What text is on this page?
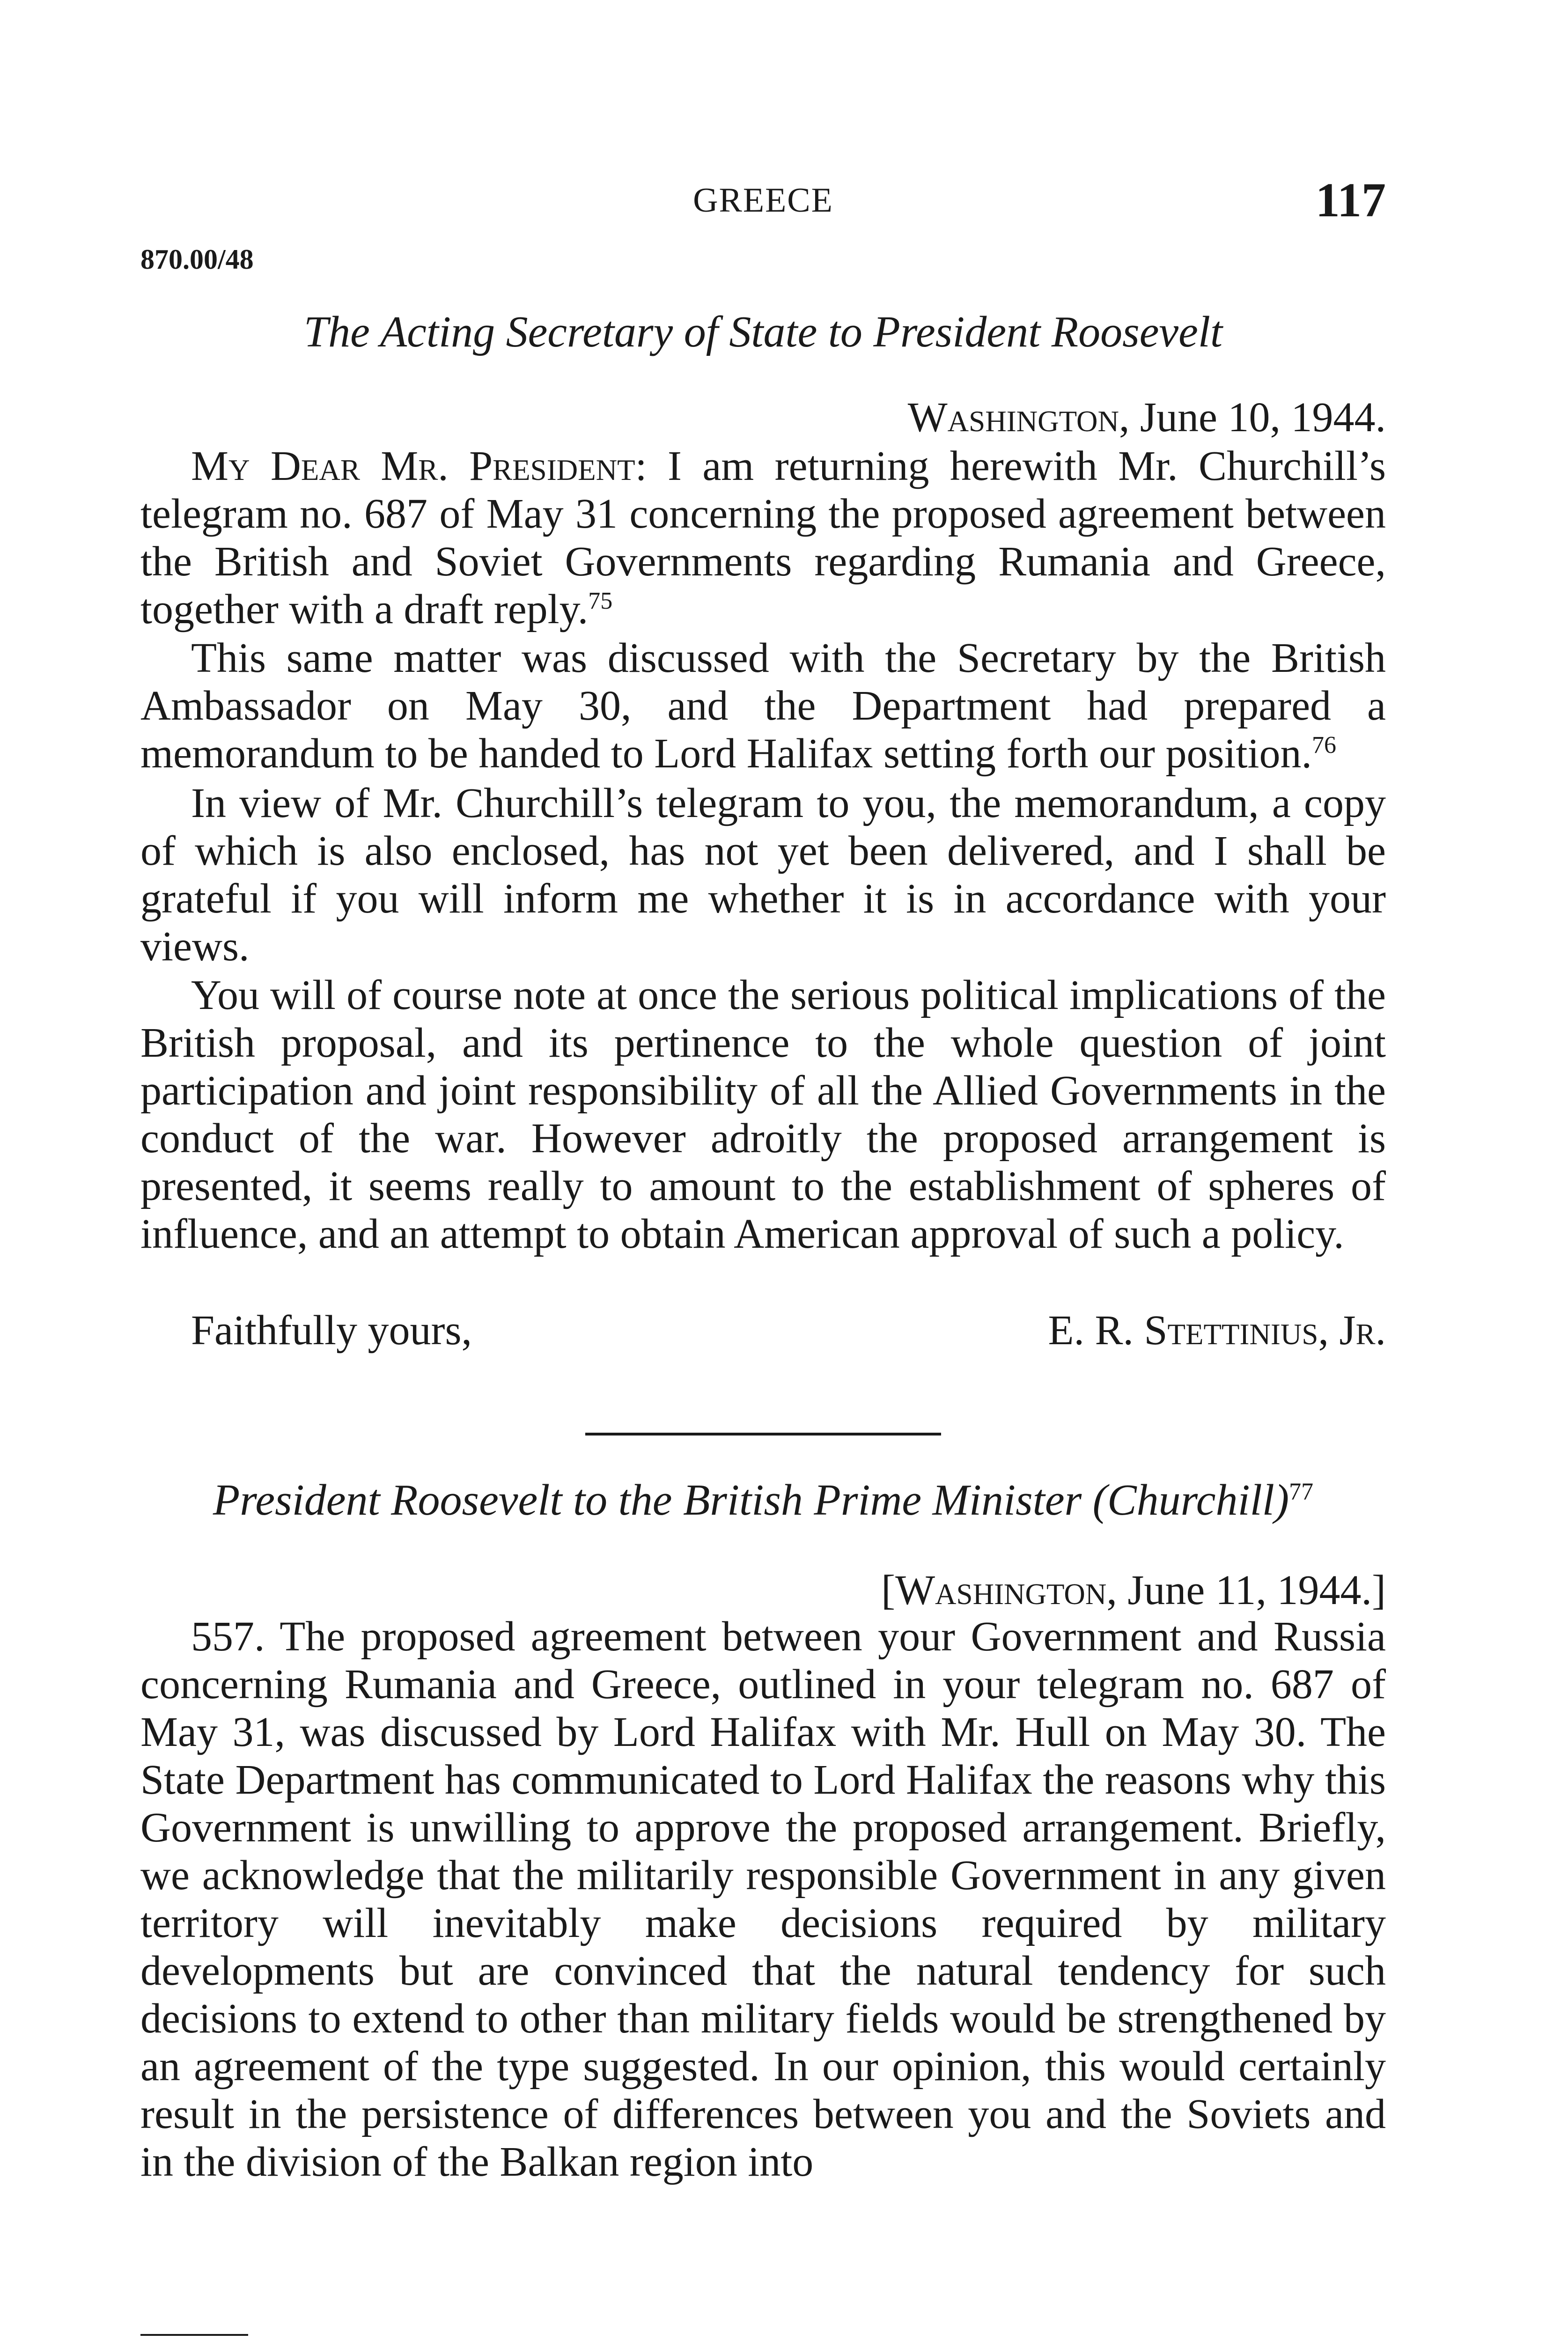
GREECE	117
870.00/48
The Acting Secretary of State to President Roosevelt
Washington, June 10, 1944.

My Dear Mr. President: I am returning herewith Mr. Churchill’s telegram no. 687 of May 31 concerning the proposed agreement between the British and Soviet Governments regarding Rumania and Greece, together with a draft reply.$^{75}$

This same matter was discussed with the Secretary by the British Ambassador on May 30, and the Department had prepared a memorandum to be handed to Lord Halifax setting forth our position.$^{76}$

In view of Mr. Churchill’s telegram to you, the memorandum, a copy of which is also enclosed, has not yet been delivered, and I shall be grateful if you will inform me whether it is in accordance with your views.

You will of course note at once the serious political implications of the British proposal, and its pertinence to the whole question of joint participation and joint responsibility of all the Allied Governments in the conduct of the war. However adroitly the proposed arrangement is presented, it seems really to amount to the establishment of spheres of influence, and an attempt to obtain American approval of such a policy.

Faithfully yours,	E. R. Stettinius, Jr.
President Roosevelt to the British Prime Minister (Churchill)$^{77}$
[Washington, June 11, 1944.]

557. The proposed agreement between your Government and Russia concerning Rumania and Greece, outlined in your telegram no. 687 of May 31, was discussed by Lord Halifax with Mr. Hull on May 30. The State Department has communicated to Lord Halifax the reasons why this Government is unwilling to approve the proposed arrangement. Briefly, we acknowledge that the militarily responsible Government in any given territory will inevitably make decisions required by military developments but are convinced that the natural tendency for such decisions to extend to other than military fields would be strengthened by an agreement of the type suggested. In our opinion, this would certainly result in the persistence of differences between you and the Soviets and in the division of the Balkan region into
